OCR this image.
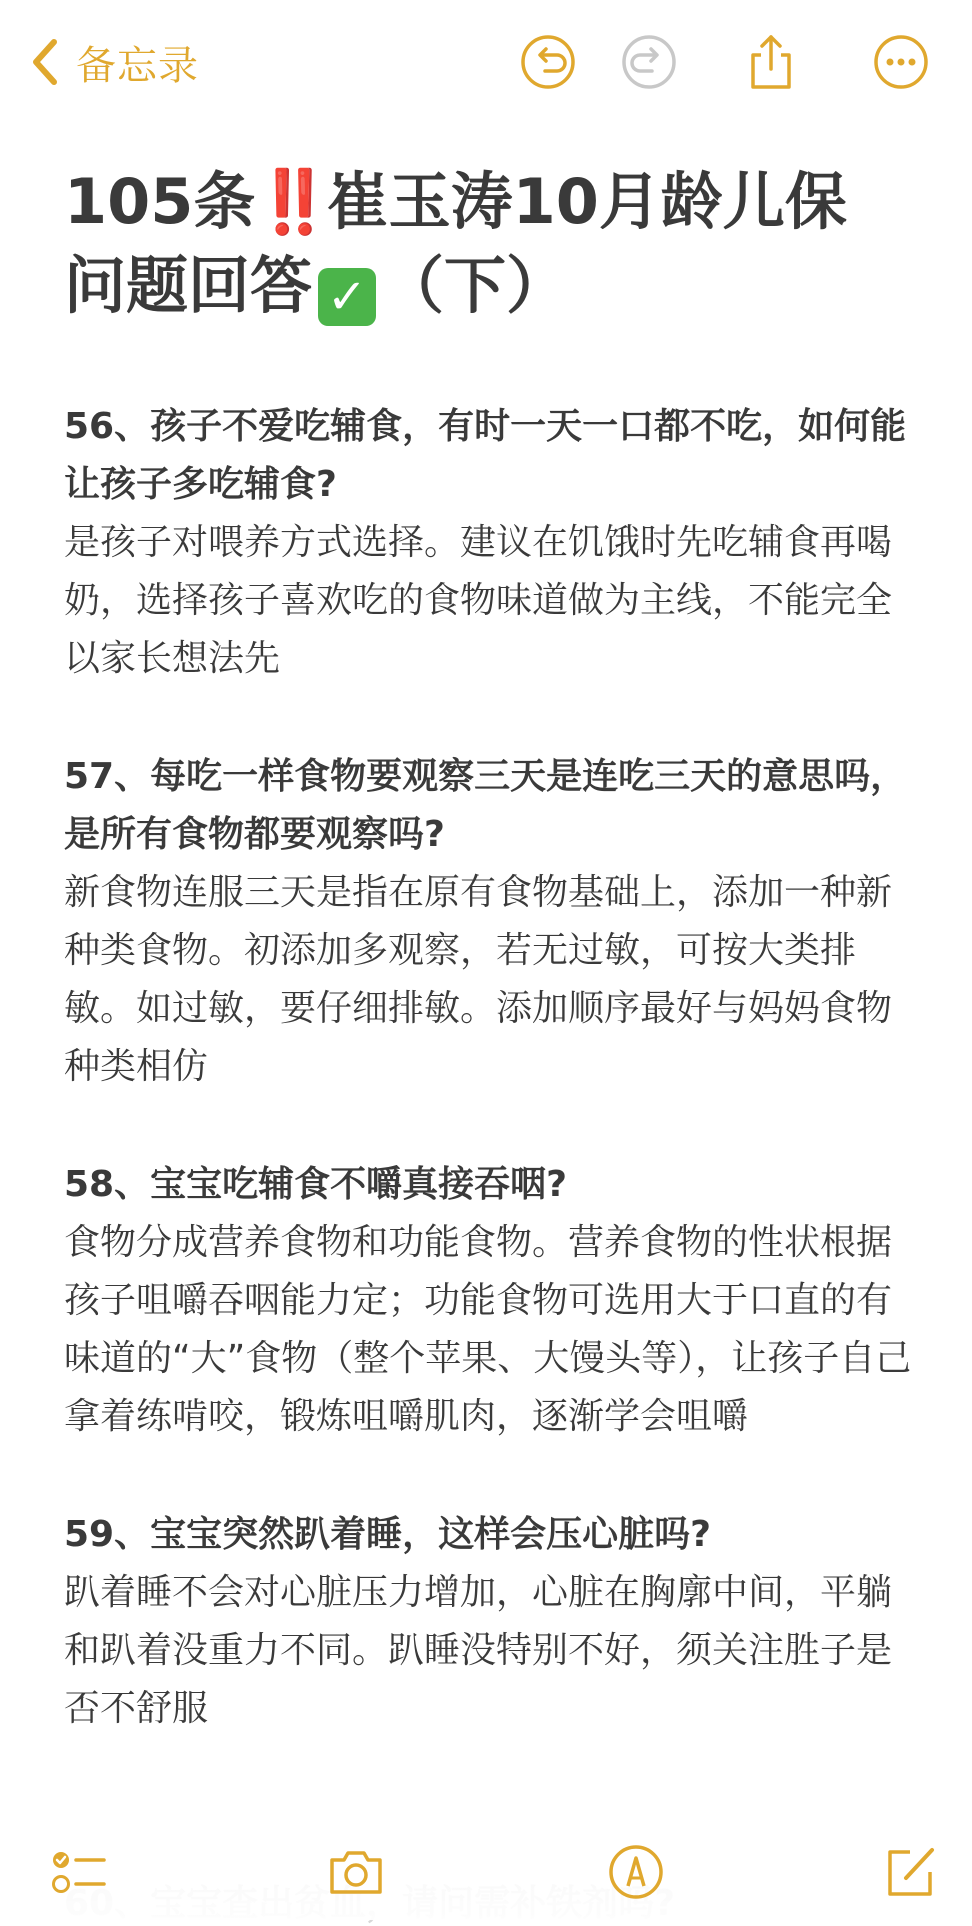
备忘录
105条‼️崔玉涛10月龄儿保
问题回答 ✓ （下）

56、孩子不爱吃辅食，有时一天一口都不吃，如何能让孩子多吃辅食?

是孩子对喂养方式选择。建议在饥饿时先吃辅食再喝奶，选择孩子喜欢吃的食物味道做为主线，不能完全以家长想法先

57、每吃一样食物要观察三天是连吃三天的意思吗，是所有食物都要观察吗?

新食物连服三天是指在原有食物基础上，添加一种新种类食物。初添加多观察，若无过敏，可按大类排敏。如过敏，要仔细排敏。添加顺序最好与妈妈食物种类相仿

58、宝宝吃辅食不嚼真接吞咽?

食物分成营养食物和功能食物。营养食物的性状根据孩子咀嚼吞咽能力定；功能食物可选用大于口直的有味道的“大”食物（整个苹果、大馒头等），让孩子自己拿着练啃咬，锻炼咀嚼肌肉，逐渐学会咀嚼

59、宝宝突然趴着睡，这样会压心脏吗?

趴着睡不会对心脏压力增加，心脏在胸廓中间，平躺和趴着没重力不同。趴睡没特别不好，须关注胜子是否不舒服
